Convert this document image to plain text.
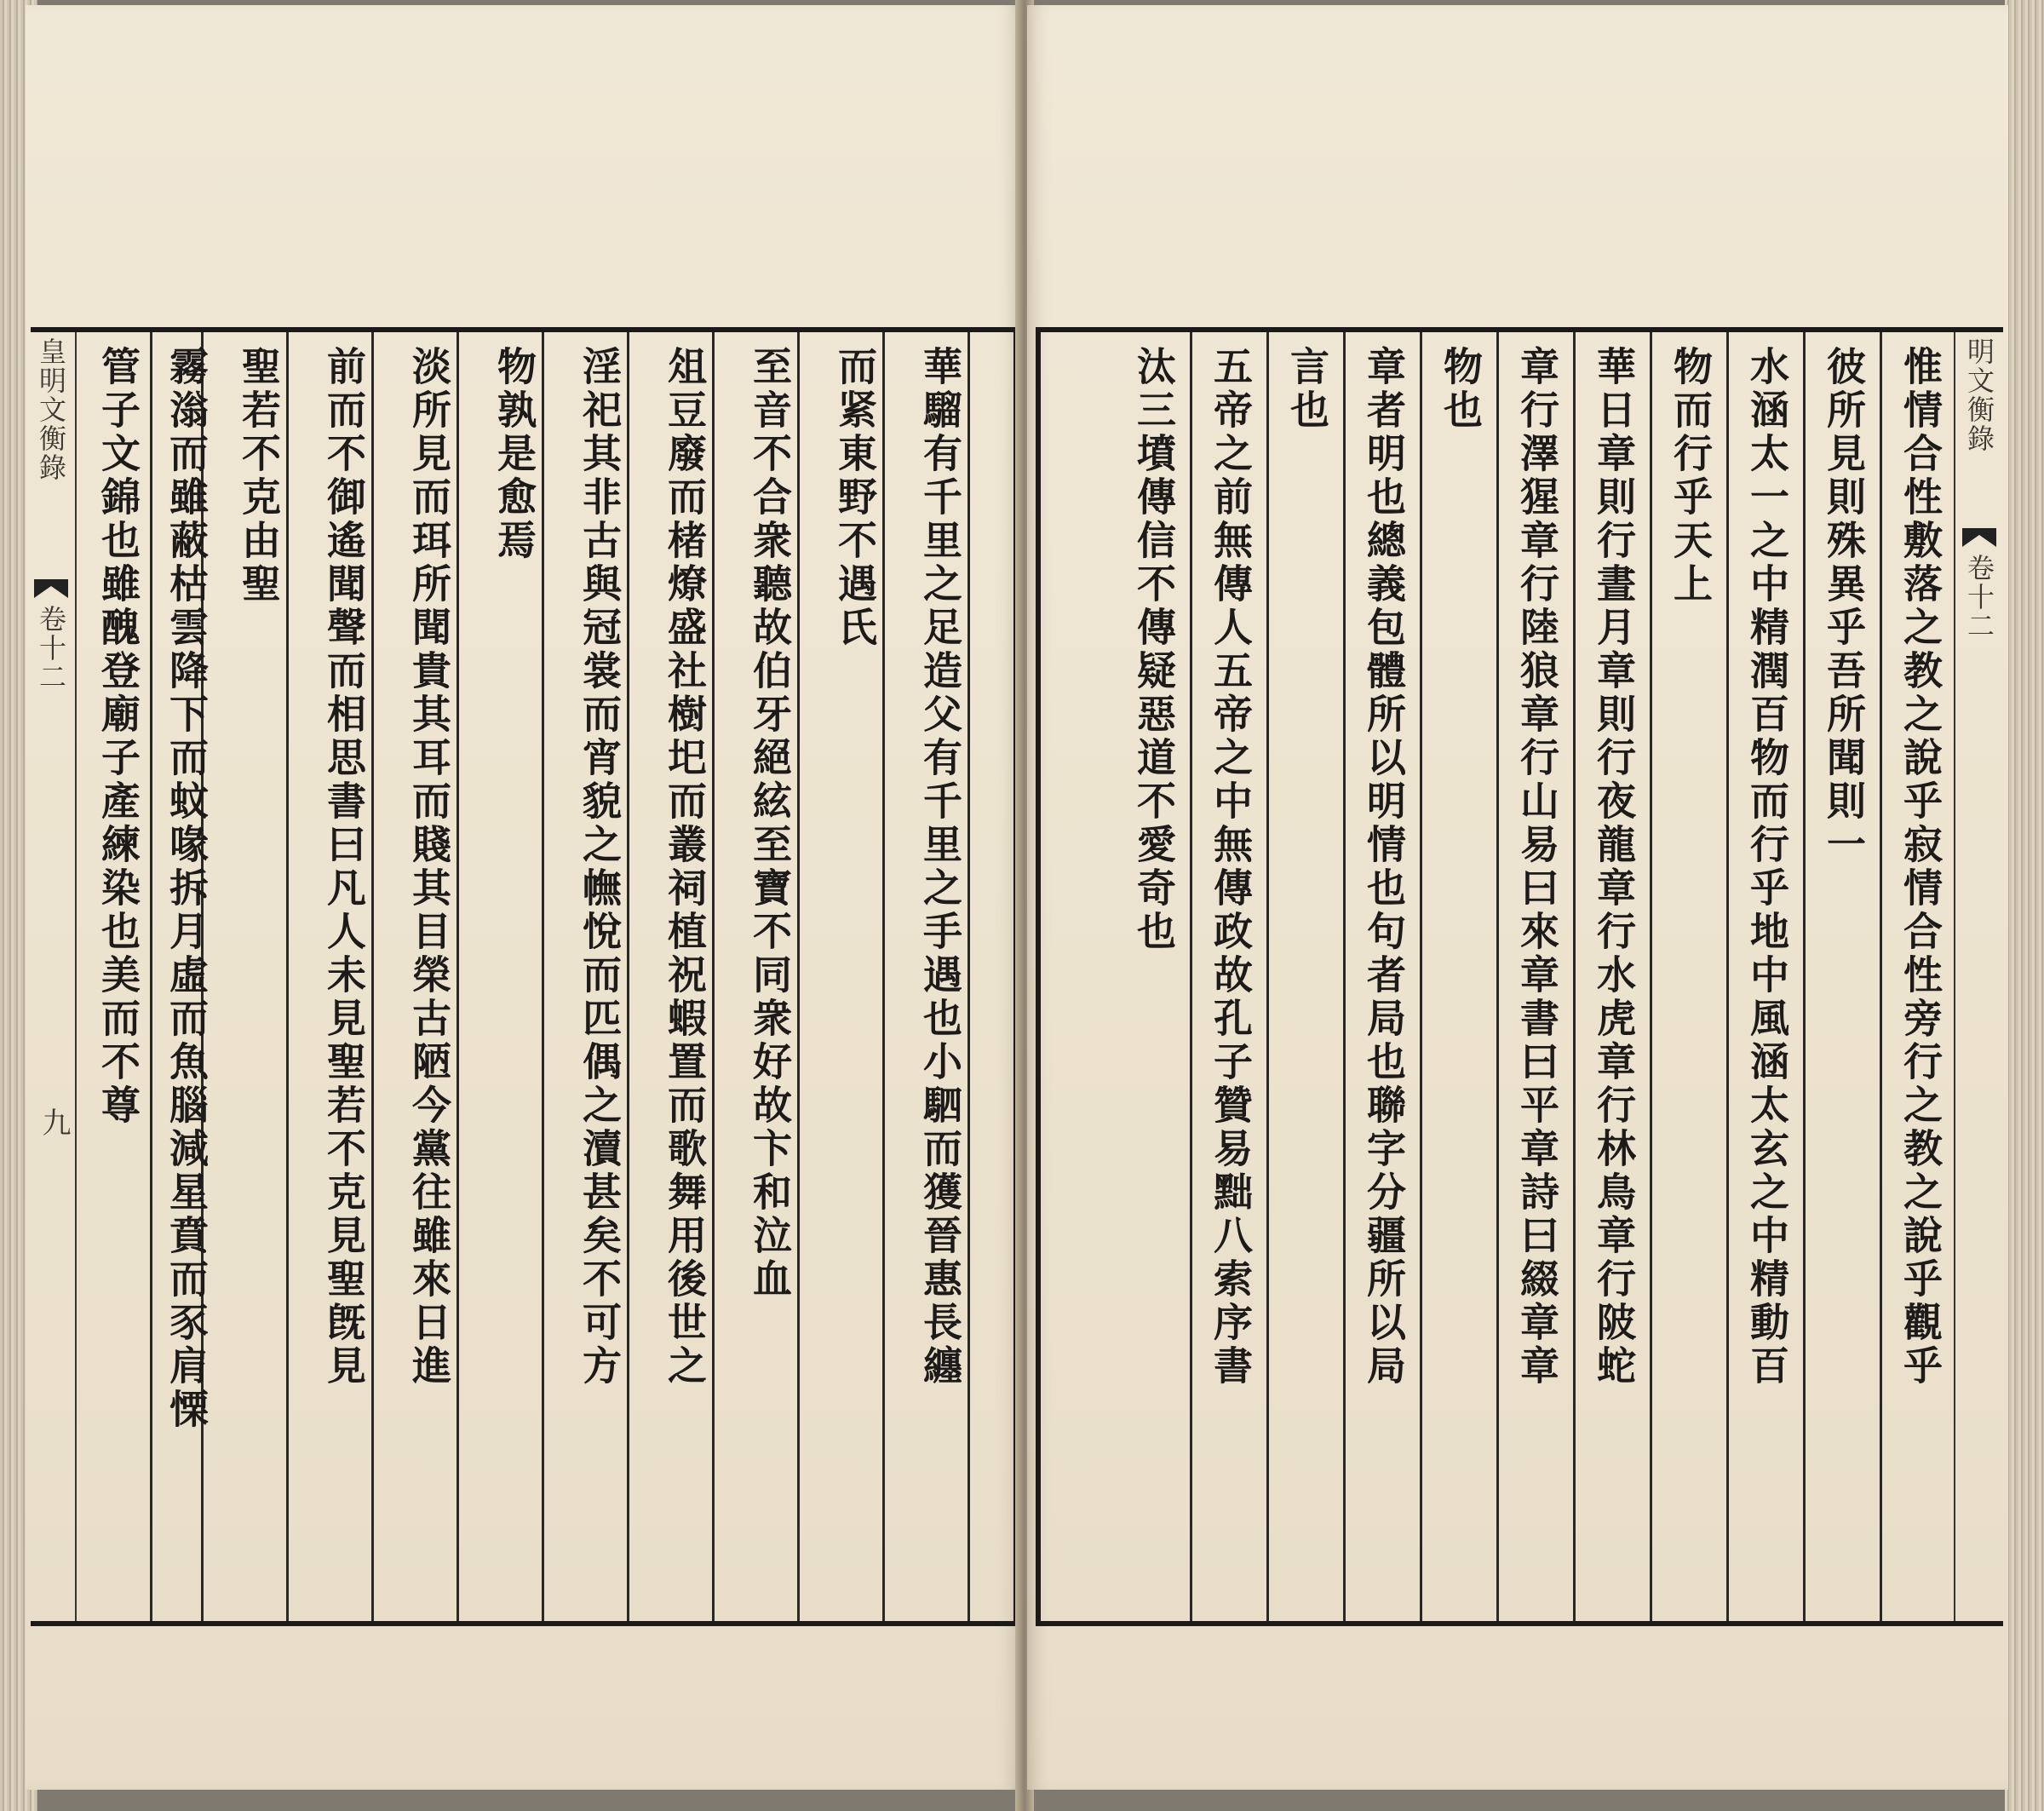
皇明文衡錄
卷十二
九	華騮有千里之足造父有千里之手遇也小駟而獲晉惠長纏
而紧東野不遇氏
至音不合衆聽故伯牙絕絃至寶不同衆好故卞和泣血
俎豆廢而楮燎盛社樹圯而叢祠植祝蝦置而歌舞用後世之
淫祀其非古與冠裳而宵貌之幠悅而匹偶之瀆甚矣不可方
物孰是愈焉
淡所見而珥所聞貴其耳而賤其目榮古陋今黨往雖來日進
前而不御遙聞聲而相思書曰凡人未見聖若不克見聖旣見
聖若不克由聖
霧滃而雖蔽枯雲降下而蚊喙拆月虛而魚腦減星賁而豕肩慄
管子文錦也雖醜登廟子產練染也美而不尊	惟情合性敷落之教之說乎寂情合性旁行之教之說乎觀乎
彼所見則殊異乎吾所聞則一
水涵太一之中精潤百物而行乎地中風涵太玄之中精動百
物而行乎天上
華日章則行晝月章則行夜龍章行水虎章行林鳥章行陂蛇
章行澤猩章行陸狼章行山易曰來章書曰平章詩曰綴章章
物也
章者明也總義包體所以明情也句者局也聯字分疆所以局
言也
五帝之前無傳人五帝之中無傳政故孔子贊易黜八索序書
汰三墳傳信不傳疑惡道不愛奇也	明文衡錄
卷十二
